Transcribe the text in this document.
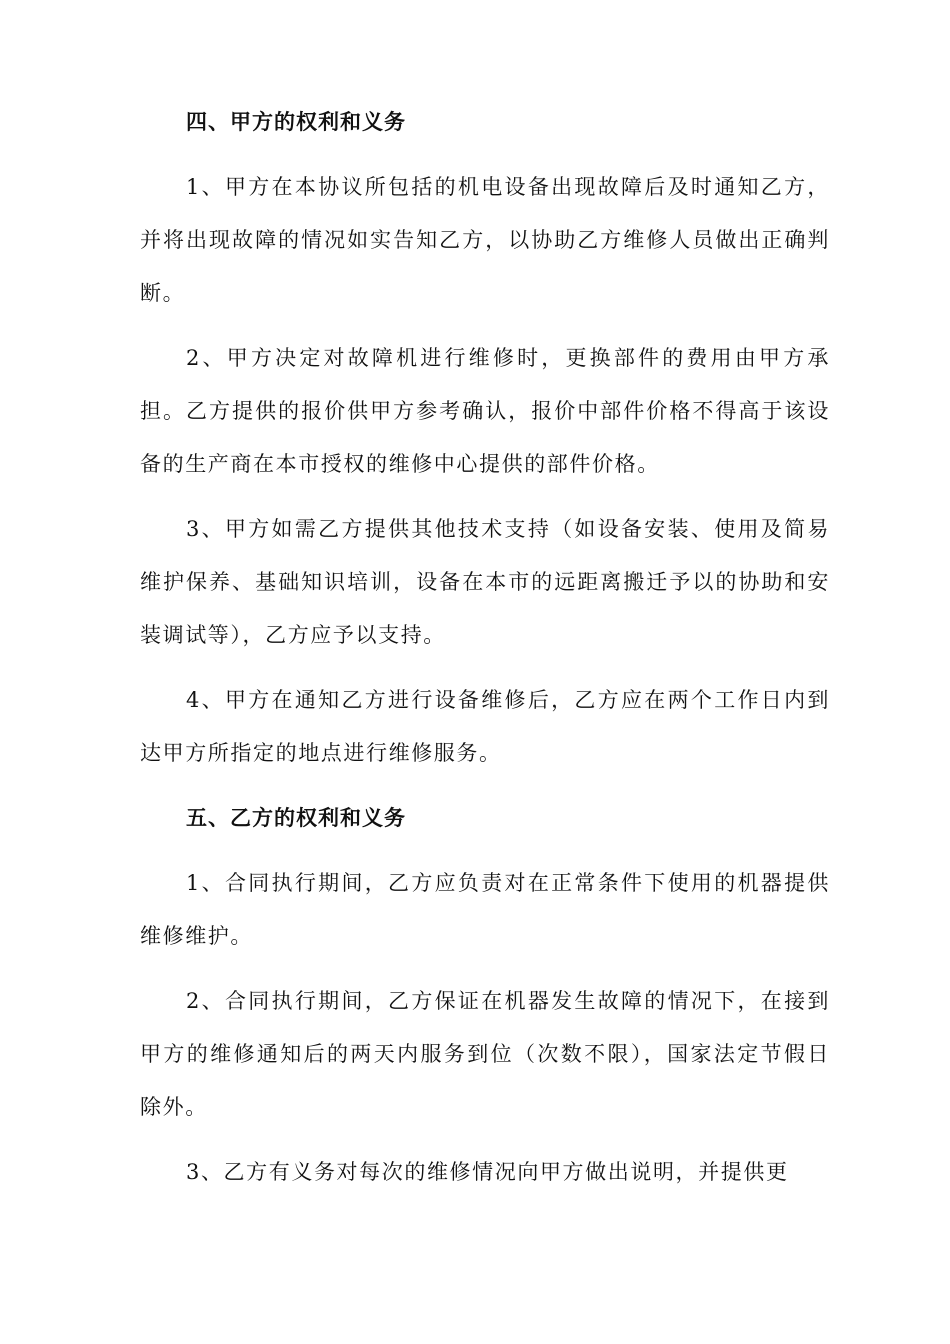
四、甲方的权利和义务

1、甲方在本协议所包括的机电设备出现故障后及时通知乙方，并将出现故障的情况如实告知乙方，以协助乙方维修人员做出正确判断。

2、甲方决定对故障机进行维修时，更换部件的费用由甲方承担。乙方提供的报价供甲方参考确认，报价中部件价格不得高于该设备的生产商在本市授权的维修中心提供的部件价格。

3、甲方如需乙方提供其他技术支持（如设备安装、使用及简易维护保养、基础知识培训，设备在本市的远距离搬迁予以的协助和安装调试等），乙方应予以支持。

4、甲方在通知乙方进行设备维修后，乙方应在两个工作日内到达甲方所指定的地点进行维修服务。

五、乙方的权利和义务

1、合同执行期间，乙方应负责对在正常条件下使用的机器提供维修维护。

2、合同执行期间，乙方保证在机器发生故障的情况下，在接到甲方的维修通知后的两天内服务到位（次数不限），国家法定节假日除外。

3、乙方有义务对每次的维修情况向甲方做出说明，并提供更
